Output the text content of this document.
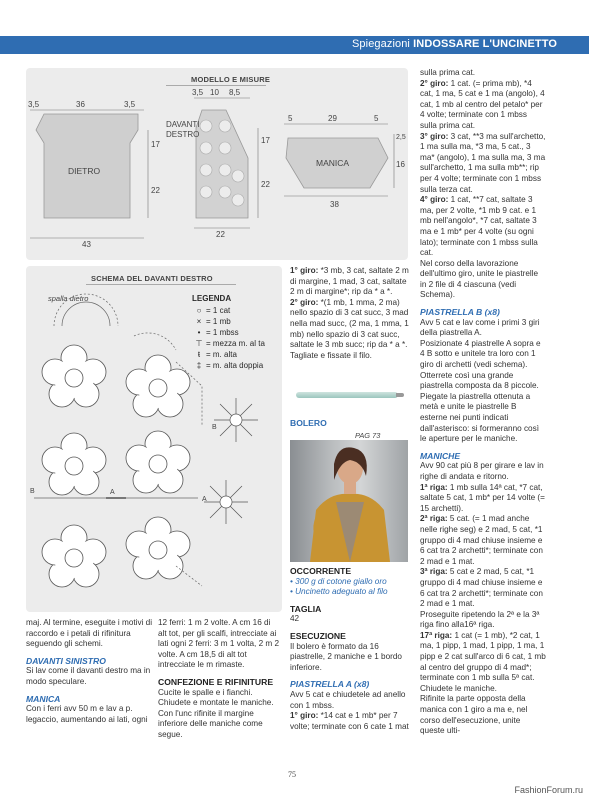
Spiegazioni INDOSSARE L'UNCINETTO
MODELLO E MISURE
DIETRO
3,5	36	3,5
17
22
43
DAVANTI DESTRO
3,5 10 8,5
17
22
22
MANICA
5	29	5
2,5
16
38
SCHEMA DEL DAVANTI DESTRO
spalla dietro
A
B
B
A
LEGENDA
○ = 1 cat
× = 1 mb
• = 1 mbss
⊤ = mezza m. al ta
ŧ = m. alta
‡ = m. alta doppia

maj. Al termine, eseguite i motivi di raccordo e i petali di rifinitura seguendo gli schemi.

DAVANTI SINISTRO

Si lav come il davanti destro ma in modo speculare.

MANICA

Con i ferri avv 50 m e lav a p. legaccio, aumentando ai lati, ogni

12 ferri: 1 m 2 volte. A cm 16 di alt tot, per gli scalfi, intrecciate ai lati ogni 2 ferri: 3 m 1 volta, 2 m 2 volte. A cm 18,5 di alt tot intrecciate le m rimaste.

CONFEZIONE E RIFINITURE

Cucite le spalle e i fianchi. Chiudete e montate le maniche. Con l'unc rifinite il margine inferiore delle maniche come segue.

1° giro: *3 mb, 3 cat, saltate 2 m di margine, 1 mad, 3 cat, saltate 2 m di margine*; rip da * a *.

2° giro: *(1 mb, 1 mma, 2 ma) nello spazio di 3 cat succ, 3 mad nella mad succ, (2 ma, 1 mma, 1 mb) nello spazio di 3 cat succ, saltate le 3 mb succ; rip da * a *. Tagliate e fissate il filo.

BOLERO
PAG 73

OCCORRENTE

• 300 g di cotone giallo oro

• Uncinetto adeguato al filo

TAGLIA

42

ESECUZIONE

Il bolero è formato da 16 piastrelle, 2 maniche e 1 bordo inferiore.

PIASTRELLA A (x8)

Avv 5 cat e chiudetele ad anello con 1 mbss.

1° giro: *14 cat e 1 mb* per 7 volte; terminate con 6 cate 1 mat

sulla prima cat.

2° giro: 1 cat. (= prima mb), *4 cat, 1 ma, 5 cat e 1 ma (angolo), 4 cat, 1 mb al centro del petalo* per 4 volte; terminate con 1 mbss sulla prima cat.

3° giro: 3 cat, **3 ma sull'archetto, 1 ma sulla ma, *3 ma, 5 cat., 3 ma* (angolo), 1 ma sulla ma, 3 ma sull'archetto, 1 ma sulla mb**; rip per 4 volte; terminate con 1 mbss sulla terza cat.

4° giro: 1 cat, **7 cat, saltate 3 ma, per 2 volte, *1 mb 9 cat. e 1 mb nell'angolo*, *7 cat, saltate 3 ma e 1 mb* per 4 volte (su ogni lato); terminate con 1 mbss sulla cat.

Nel corso della lavorazione dell'ultimo giro, unite le piastrelle in 2 file di 4 ciascuna (vedi Schema).

PIASTRELLA B (x8)

Avv 5 cat e lav come i primi 3 giri della piastrella A.

Posizionate 4 piastrelle A sopra e 4 B sotto e unitele tra loro con 1 giro di archetti (vedi schema).

Otterrete così una grande piastrella composta da 8 piccole.

Piegate la piastrella ottenuta a metà e unite le piastrelle B esterne nei punti indicati dall'asterisco: si formeranno così le aperture per le maniche.

MANICHE

Avv 90 cat più 8 per girare e lav in righe di andata e ritorno.

1ª riga: 1 mb sulla 14ª cat, *7 cat, saltate 5 cat, 1 mb* per 14 volte (= 15 archetti).

2ª riga: 5 cat. (= 1 mad anche nelle righe seg) e 2 mad, 5 cat, *1 gruppo di 4 mad chiuse insieme e 6 cat tra 2 archetti*; terminate con 2 mad e 1 mat.

3ª riga: 5 cat e 2 mad, 5 cat, *1 gruppo di 4 mad chiuse insieme e 6 cat tra 2 archetti*; terminate con 2 mad e 1 mat.

Proseguite ripetendo la 2ª e la 3ª riga fino alla16ª riga.

17ª riga: 1 cat (= 1 mb), *2 cat, 1 ma, 1 pipp, 1 mad, 1 pipp, 1 ma, 1 pipp e 2 cat sull'arco di 6 cat, 1 mb al centro del gruppo di 4 mad*; terminate con 1 mb sulla 5ª cat.

Chiudete le maniche.

Rifinite la parte opposta della manica con 1 giro a ma e, nel corso dell'esecuzione, unite queste ulti-

75
FashionForum.ru
